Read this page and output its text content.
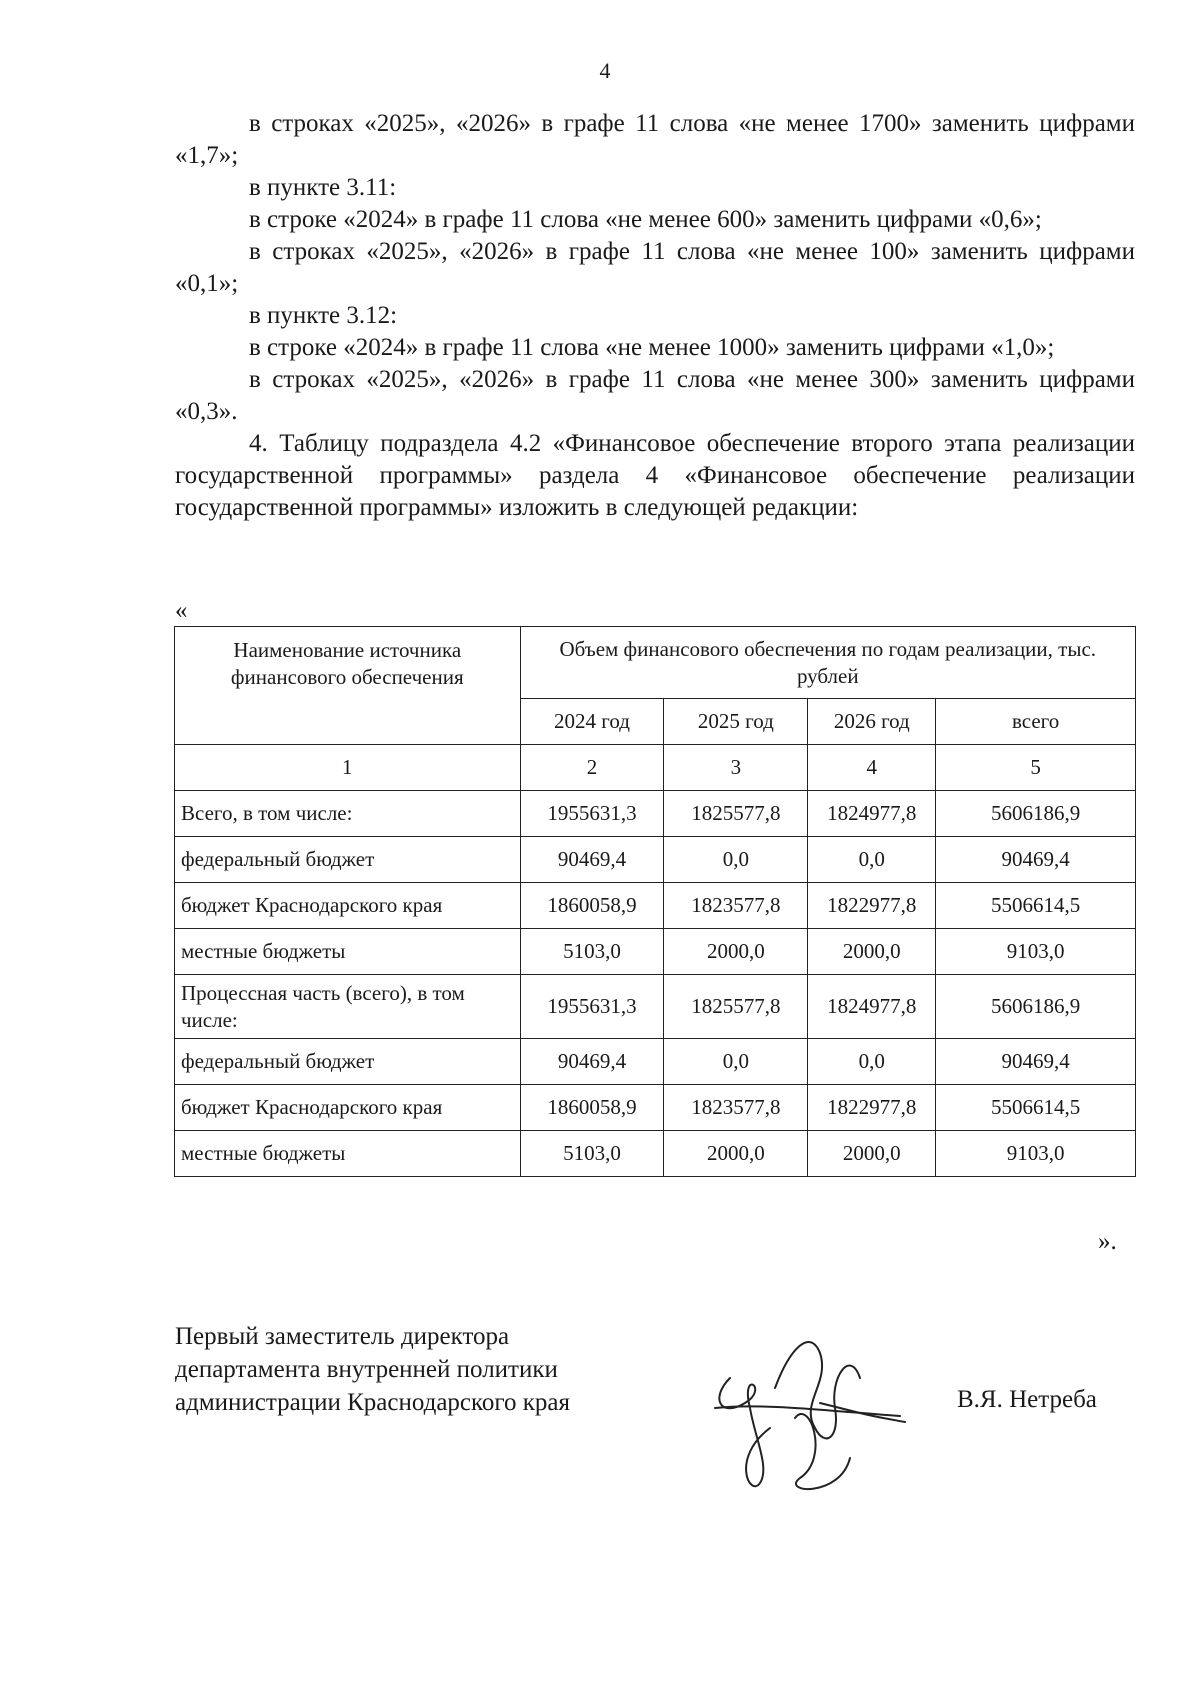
4

в строках «2025», «2026» в графе 11 слова «не менее 1700» заменить цифрами «1,7»;

в пункте 3.11:

в строке «2024» в графе 11 слова «не менее 600» заменить цифрами «0,6»;

в строках «2025», «2026» в графе 11 слова «не менее 100» заменить цифрами «0,1»;

в пункте 3.12:

в строке «2024» в графе 11 слова «не менее 1000» заменить цифрами «1,0»;

в строках «2025», «2026» в графе 11 слова «не менее 300» заменить цифрами «0,3».

4. Таблицу подраздела 4.2 «Финансовое обеспечение второго этапа реализации государственной программы» раздела 4 «Финансовое обеспечение реализации государственной программы» изложить в следующей редакции:

«
Наименование источника финансового обеспечения	Объем финансового обеспечения по годам реализации, тыс. рублей			
	2024 год	2025 год	2026 год	всего
1	2	3	4	5
Всего, в том числе:	1955631,3	1825577,8	1824977,8	5606186,9
федеральный бюджет	90469,4	0,0	0,0	90469,4
бюджет Краснодарского края	1860058,9	1823577,8	1822977,8	5506614,5
местные бюджеты	5103,0	2000,0	2000,0	9103,0
Процессная часть (всего), в том числе:	1955631,3	1825577,8	1824977,8	5606186,9
федеральный бюджет	90469,4	0,0	0,0	90469,4
бюджет Краснодарского края	1860058,9	1823577,8	1822977,8	5506614,5
местные бюджеты	5103,0	2000,0	2000,0	9103,0
».
Первый заместитель директора
департамента внутренней политики
администрации Краснодарского края	В.Я. Нетреба
